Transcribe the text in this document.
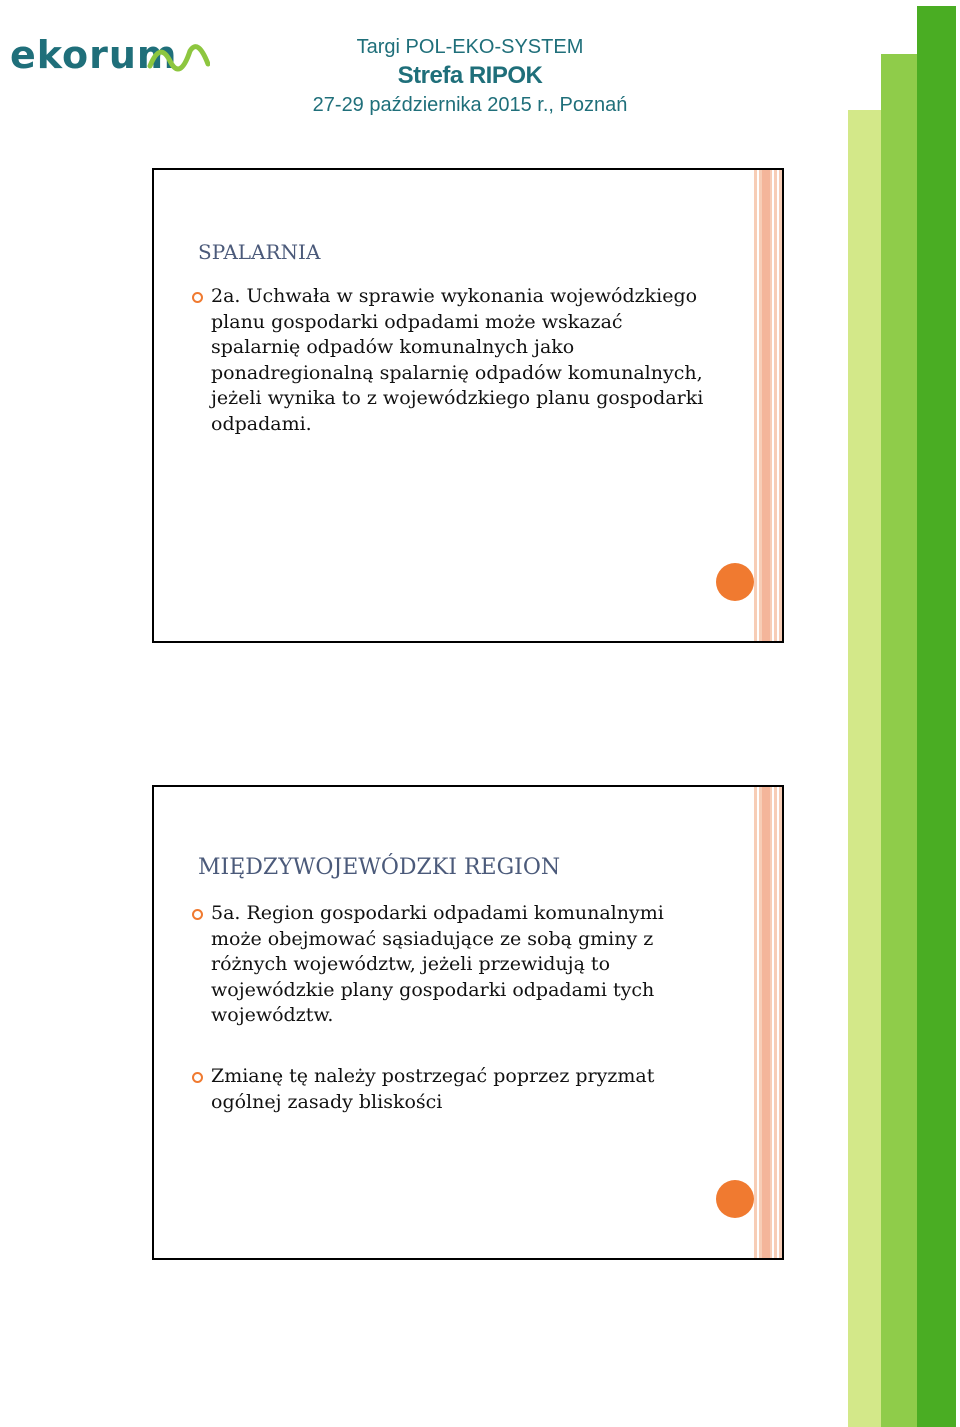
ekorum	Targi POL-EKO-SYSTEM
Strefa RIPOK
27-29 października 2015 r., Poznań
SPALARNIA
2a. Uchwała w sprawie wykonania wojewódzkiego planu gospodarki odpadami może wskazać spalarnię odpadów komunalnych jako ponadregionalną spalarnię odpadów komunalnych, jeżeli wynika to z wojewódzkiego planu gospodarki odpadami.
MIĘDZYWOJEWÓDZKI REGION
5a. Region gospodarki odpadami komunalnymi może obejmować sąsiadujące ze sobą gminy z różnych województw, jeżeli przewidują to wojewódzkie plany gospodarki odpadami tych województw.
Zmianę tę należy postrzegać poprzez pryzmat ogólnej zasady bliskości
